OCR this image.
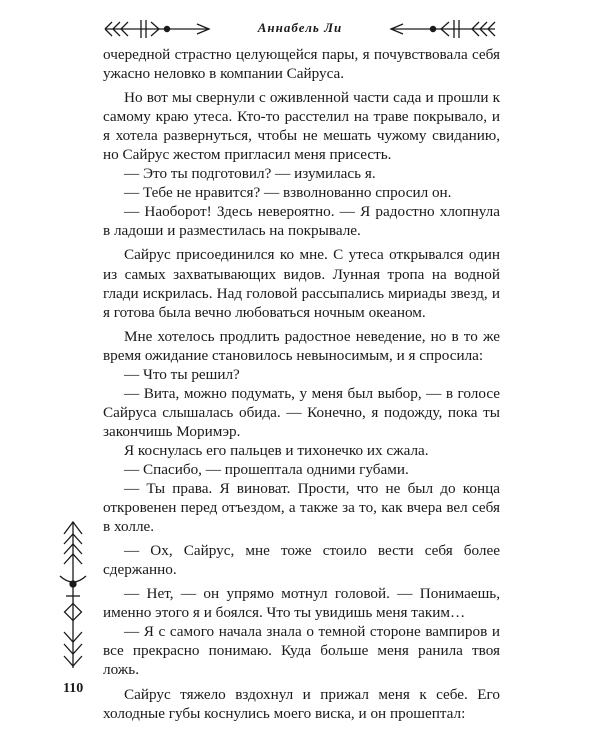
Аннабель Ли

очередной страстно целующейся пары, я почувствовала себя ужасно неловко в компании Сайруса.

Но вот мы свернули с оживленной части сада и прошли к самому краю утеса. Кто-то расстелил на траве покрывало, и я хотела развернуться, чтобы не мешать чужому свиданию, но Сайрус жестом пригласил меня присесть.

— Это ты подготовил? — изумилась я.

— Тебе не нравится? — взволнованно спросил он.

— Наоборот! Здесь невероятно. — Я радостно хлопнула в ладоши и разместилась на покрывале.

Сайрус присоединился ко мне. С утеса открывался один из самых захватывающих видов. Лунная тропа на водной глади искрилась. Над головой рассыпались мириады звезд, и я готова была вечно любоваться ночным океаном.

Мне хотелось продлить радостное неведение, но в то же время ожидание становилось невыносимым, и я спросила:

— Что ты решил?

— Вита, можно подумать, у меня был выбор, — в голосе Сайруса слышалась обида. — Конечно, я подожду, пока ты закончишь Моримэр.

Я коснулась его пальцев и тихонечко их сжала.

— Спасибо, — прошептала одними губами.

— Ты права. Я виноват. Прости, что не был до конца откровенен перед отъездом, а также за то, как вчера вел себя в холле.

— Ох, Сайрус, мне тоже стоило вести себя более сдержанно.

— Нет, — он упрямо мотнул головой. — Понимаешь, именно этого я и боялся. Что ты увидишь меня таким…

— Я с самого начала знала о темной стороне вампиров и все прекрасно понимаю. Куда больше меня ранила твоя ложь.

Сайрус тяжело вздохнул и прижал меня к себе. Его холодные губы коснулись моего виска, и он прошептал:

110
